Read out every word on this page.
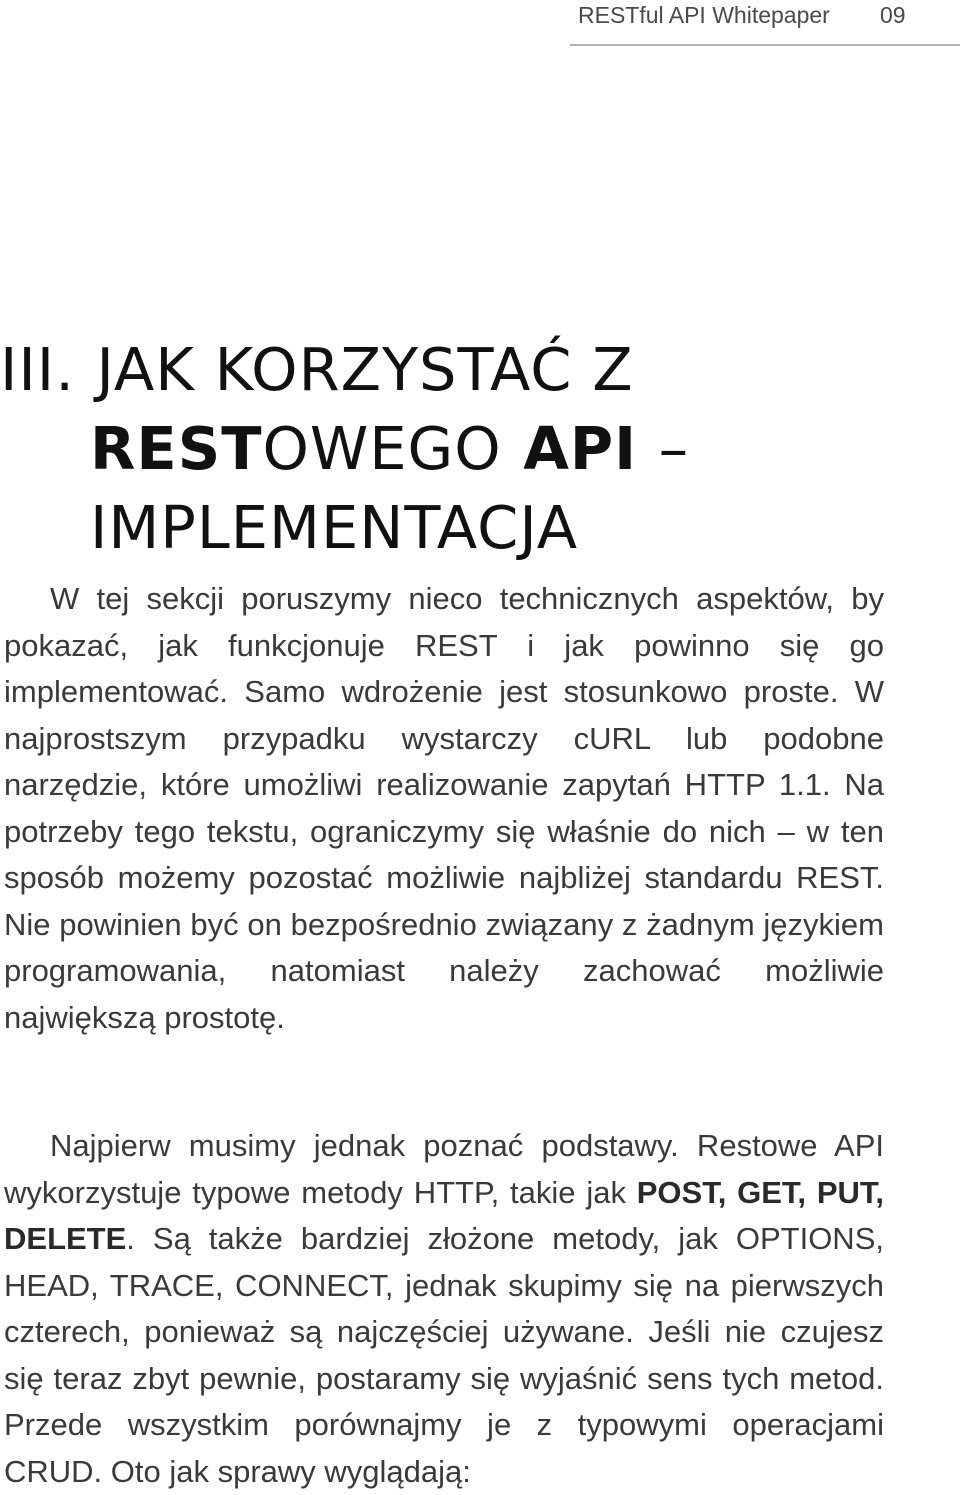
RESTful API Whitepaper 09
III. JAK KORZYSTAĆ Z
RESTOWEGO API –
IMPLEMENTACJA

W tej sekcji poruszymy nieco technicznych aspektów, by pokazać, jak funkcjonuje REST i jak powinno się go implementować. Samo wdrożenie jest stosunkowo proste. W najprostszym przypadku wystarczy cURL lub podobne narzędzie, które umożliwi realizowanie zapytań HTTP 1.1. Na potrzeby tego tekstu, ograniczymy się właśnie do nich – w ten sposób możemy pozostać możliwie najbliżej standardu REST. Nie powinien być on bezpośrednio związany z żadnym językiem programowania, natomiast należy zachować możliwie największą prostotę.

Najpierw musimy jednak poznać podstawy. Restowe API wykorzystuje typowe metody HTTP, takie jak POST, GET, PUT, DELETE. Są także bardziej złożone metody, jak OPTIONS, HEAD, TRACE, CONNECT, jednak skupimy się na pierwszych czterech, ponieważ są najczęściej używane. Jeśli nie czujesz się teraz zbyt pewnie, postaramy się wyjaśnić sens tych metod. Przede wszystkim porównajmy je z typowymi operacjami CRUD. Oto jak sprawy wyglądają:
